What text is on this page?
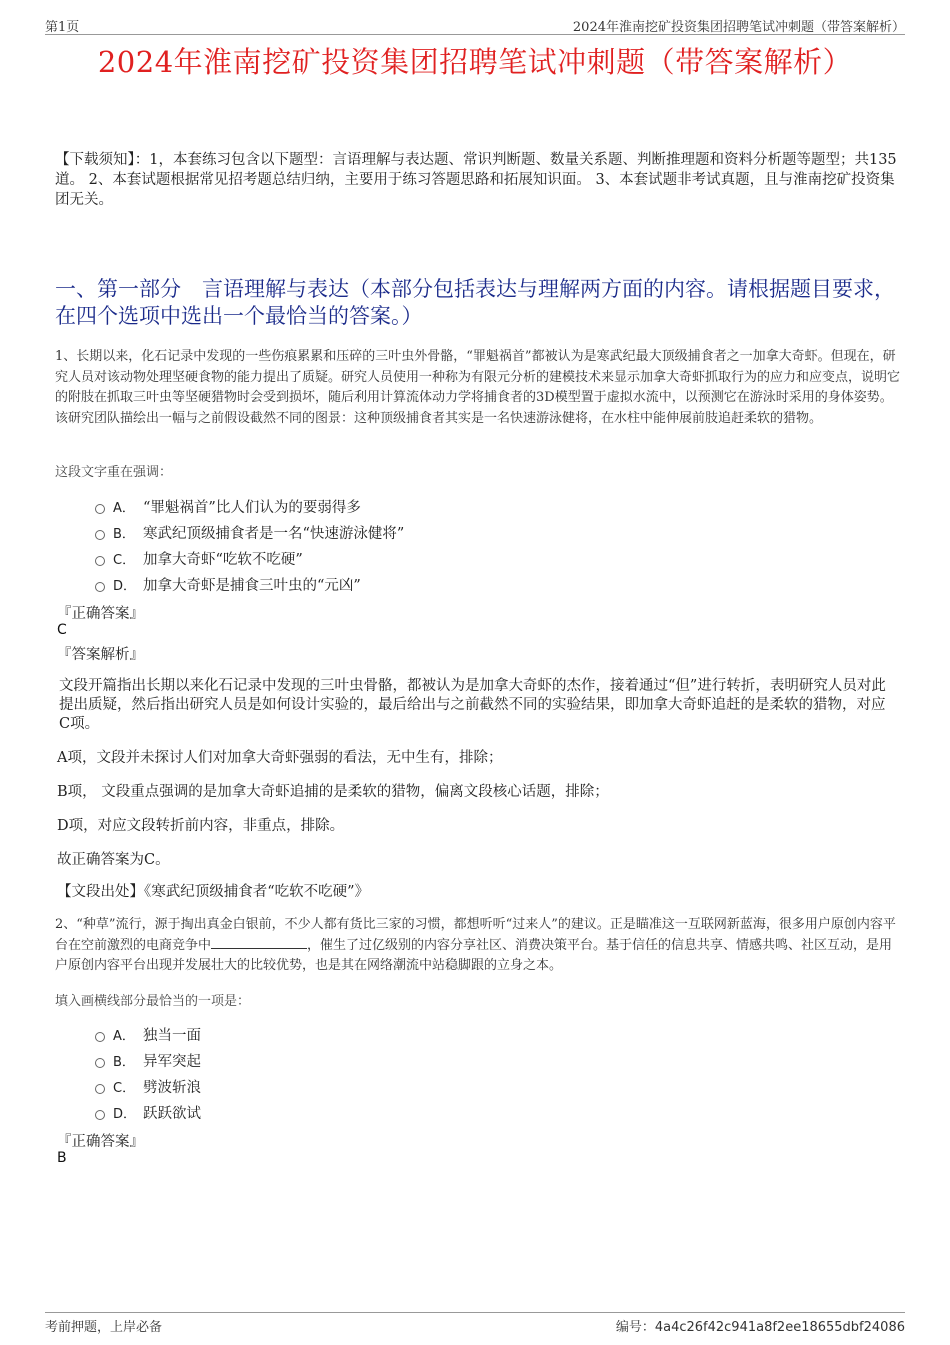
第1页	2024年淮南挖矿投资集团招聘笔试冲刺题（带答案解析）
2024年淮南挖矿投资集团招聘笔试冲刺题（带答案解析）
【下载须知】：1，本套练习包含以下题型：言语理解与表达题、常识判断题、数量关系题、判断推理题和资料分析题等题型；共135道。 2、本套试题根据常见招考题总结归纳，主要用于练习答题思路和拓展知识面。 3、本套试题非考试真题，且与淮南挖矿投资集团无关。
一、第一部分　言语理解与表达（本部分包括表达与理解两方面的内容。请根据题目要求，在四个选项中选出一个最恰当的答案。）
1、长期以来，化石记录中发现的一些伤痕累累和压碎的三叶虫外骨骼，“罪魁祸首”都被认为是寒武纪最大顶级捕食者之一加拿大奇虾。但现在，研究人员对该动物处理坚硬食物的能力提出了质疑。研究人员使用一种称为有限元分析的建模技术来显示加拿大奇虾抓取行为的应力和应变点，说明它的附肢在抓取三叶虫等坚硬猎物时会受到损坏，随后利用计算流体动力学将捕食者的3D模型置于虚拟水流中，以预测它在游泳时采用的身体姿势。该研究团队描绘出一幅与之前假设截然不同的图景：这种顶级捕食者其实是一名快速游泳健将，在水柱中能伸展前肢追赶柔软的猎物。
这段文字重在强调：
A． “罪魁祸首”比人们认为的要弱得多
B． 寒武纪顶级捕食者是一名“快速游泳健将”
C． 加拿大奇虾“吃软不吃硬”
D． 加拿大奇虾是捕食三叶虫的“元凶”
『正确答案』
C
『答案解析』
文段开篇指出长期以来化石记录中发现的三叶虫骨骼，都被认为是加拿大奇虾的杰作，接着通过“但”进行转折，表明研究人员对此提出质疑，然后指出研究人员是如何设计实验的，最后给出与之前截然不同的实验结果，即加拿大奇虾追赶的是柔软的猎物，对应C项。
A项，文段并未探讨人们对加拿大奇虾强弱的看法，无中生有，排除；
B项， 文段重点强调的是加拿大奇虾追捕的是柔软的猎物，偏离文段核心话题，排除；
D项，对应文段转折前内容，非重点，排除。
故正确答案为C。
【文段出处】《寒武纪顶级捕食者“吃软不吃硬”》
2、“种草”流行，源于掏出真金白银前，不少人都有货比三家的习惯，都想听听“过来人”的建议。正是瞄准这一互联网新蓝海，很多用户原创内容平台在空前激烈的电商竞争中	，催生了过亿级别的内容分享社区、消费决策平台。基于信任的信息共享、情感共鸣、社区互动，是用户原创内容平台出现并发展壮大的比较优势，也是其在网络潮流中站稳脚跟的立身之本。
填入画横线部分最恰当的一项是：
A． 独当一面
B． 异军突起
C． 劈波斩浪
D． 跃跃欲试
『正确答案』
B
考前押题，上岸必备	编号：4a4c26f42c941a8f2ee18655dbf24086
